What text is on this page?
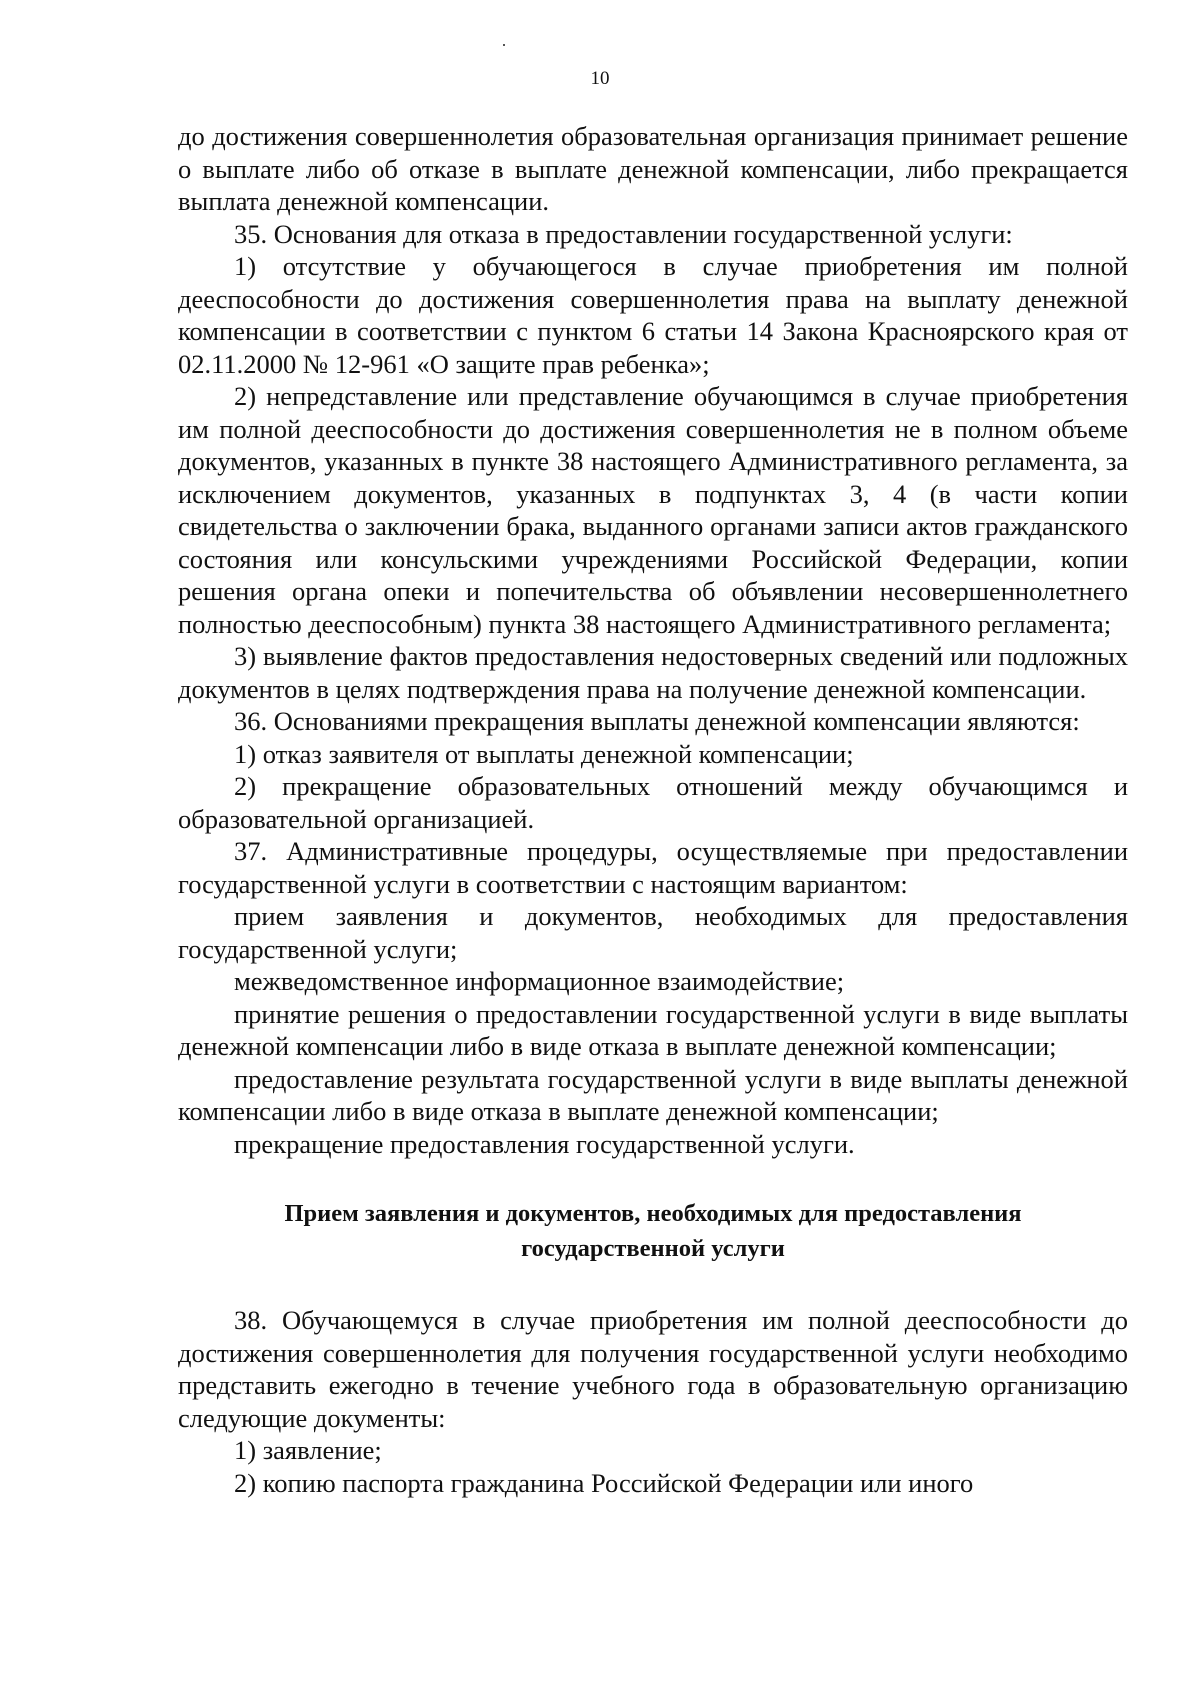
10

до достижения совершеннолетия образовательная организация принимает решение о выплате либо об отказе в выплате денежной компенсации, либо прекращается выплата денежной компенсации.

35. Основания для отказа в предоставлении государственной услуги:

1) отсутствие у обучающегося в случае приобретения им полной дееспособности до достижения совершеннолетия права на выплату денежной компенсации в соответствии с пунктом 6 статьи 14 Закона Красноярского края от 02.11.2000 № 12-961 «О защите прав ребенка»;

2) непредставление или представление обучающимся в случае приобретения им полной дееспособности до достижения совершеннолетия не в полном объеме документов, указанных в пункте 38 настоящего Административного регламента, за исключением документов, указанных в подпунктах 3, 4 (в части копии свидетельства о заключении брака, выданного органами записи актов гражданского состояния или консульскими учреждениями Российской Федерации, копии решения органа опеки и попечительства об объявлении несовершеннолетнего полностью дееспособным) пункта 38 настоящего Административного регламента;

3) выявление фактов предоставления недостоверных сведений или подложных документов в целях подтверждения права на получение денежной компенсации.

36. Основаниями прекращения выплаты денежной компенсации являются:

1) отказ заявителя от выплаты денежной компенсации;

2) прекращение образовательных отношений между обучающимся и образовательной организацией.

37. Административные процедуры, осуществляемые при предоставлении государственной услуги в соответствии с настоящим вариантом:

прием заявления и документов, необходимых для предоставления государственной услуги;

межведомственное информационное взаимодействие;

принятие решения о предоставлении государственной услуги в виде выплаты денежной компенсации либо в виде отказа в выплате денежной компенсации;

предоставление результата государственной услуги в виде выплаты денежной компенсации либо в виде отказа в выплате денежной компенсации;

прекращение предоставления государственной услуги.

Прием заявления и документов, необходимых для предоставления государственной услуги

38. Обучающемуся в случае приобретения им полной дееспособности до достижения совершеннолетия для получения государственной услуги необходимо представить ежегодно в течение учебного года в образовательную организацию следующие документы:

1) заявление;

2) копию паспорта гражданина Российской Федерации или иного
